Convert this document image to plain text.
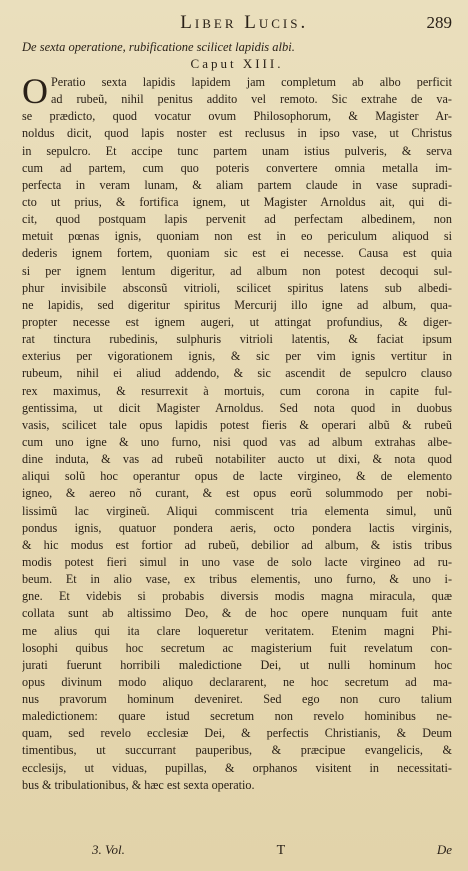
Liber Lucis.	289
De sexta operatione, rubificatione scilicet lapidis albi.
Caput XIII.
O Peratio sexta lapidis lapidem jam completum ab albo perficit
ad rubeũ, nihil penitus addito vel remoto. Sic extrahe de va-
se prædicto, quod vocatur ovum Philosophorum, & Magister Ar-
noldus dicit, quod lapis noster est reclusus in ipso vase, ut Christus
in sepulcro. Et accipe tunc partem unam istius pulveris, & serva
cum ad partem, cum quo poteris convertere omnia metalla im-
perfecta in veram lunam, & aliam partem claude in vase supradi-
cto ut prius, & fortifica ignem, ut Magister Arnoldus ait, qui di-
cit, quod postquam lapis pervenit ad perfectam albedinem, non
metuit pœnas ignis, quoniam non est in eo periculum aliquod si
dederis ignem fortem, quoniam sic est ei necesse. Causa est quia
si per ignem lentum digeritur, ad album non potest decoqui sul-
phur invisibile absconsũ vitrioli, scilicet spiritus latens sub albedi-
ne lapidis, sed digeritur spiritus Mercurij illo igne ad album, qua-
propter necesse est ignem augeri, ut attingat profundius, & diger-
rat tinctura rubedinis, sulphuris vitrioli latentis, & faciat ipsum
exterius per vigorationem ignis, & sic per vim ignis vertitur in
rubeum, nihil ei aliud addendo, & sic ascendit de sepulcro clauso
rex maximus, & resurrexit à mortuis, cum corona in capite ful-
gentissima, ut dicit Magister Arnoldus. Sed nota quod in duobus
vasis, scilicet tale opus lapidis potest fieris & operari albũ & rubeũ
cum uno igne & uno furno, nisi quod vas ad album extrahas albe-
dine induta, & vas ad rubeũ notabiliter aucto ut dixi, & nota quod
aliqui solũ hoc operantur opus de lacte virgineo, & de elemento
igneo, & aereo nõ curant, & est opus eorũ solummodo per nobi-
lissimũ lac virgineũ. Aliqui commiscent tria elementa simul, unũ
pondus ignis, quatuor pondera aeris, octo pondera lactis virginis,
& hic modus est fortior ad rubeũ, debilior ad album, & istis tribus
modis potest fieri simul in uno vase de solo lacte virgineo ad ru-
beum. Et in alio vase, ex tribus elementis, uno furno, & uno i-
gne. Et videbis si probabis diversis modis magna miracula, quæ
collata sunt ab altissimo Deo, & de hoc opere nunquam fuit ante
me alius qui ita clare loqueretur veritatem. Etenim magni Phi-
losophi quibus hoc secretum ac magisterium fuit revelatum con-
jurati fuerunt horribili maledictione Dei, ut nulli hominum hoc
opus divinum modo aliquo declararent, ne hoc secretum ad ma-
nus pravorum hominum deveniret. Sed ego non curo talium
maledictionem: quare istud secretum non revelo hominibus ne-
quam, sed revelo ecclesiæ Dei, & perfectis Christianis, & Deum
timentibus, ut succurrant pauperibus, & præcipue evangelicis, &
ecclesijs, ut viduas, pupillas, & orphanos visitent in necessitati-
bus & tribulationibus, & hæc est sexta operatio.
3. Vol.	T	De
